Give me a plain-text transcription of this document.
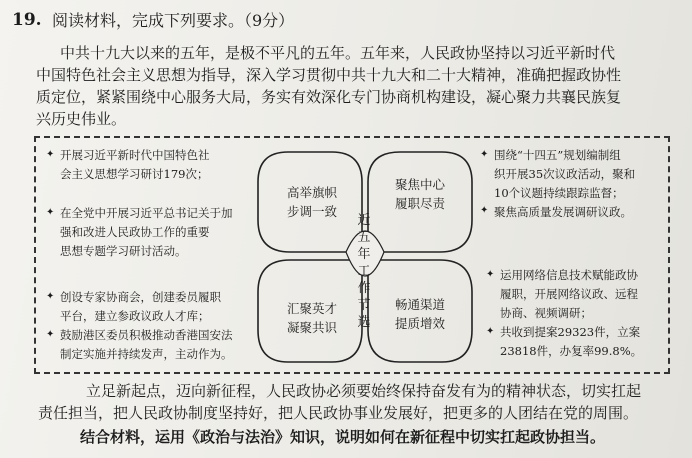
19. 阅读材料，完成下列要求。（9分）
中共十九大以来的五年，是极不平凡的五年。五年来，人民政协坚持以习近平新时代
中国特色社会主义思想为指导，深入学习贯彻中共十九大和二十大精神，准确把握政协性
质定位，紧紧围绕中心服务大局，务实有效深化专门协商机构建设，凝心聚力共襄民族复
兴历史伟业。
✦
✦
开展习近平新时代中国特色社
会主义思想学习研讨179次；
在全党中开展习近平总书记关于加
强和改进人民政协工作的重要
思想专题学习研讨活动。
✦
✦
围绕“十四五”规划编制组
织开展35次议政活动，聚和
10个议题持续跟踪监督；
聚焦高质量发展调研议政。
✦
✦
创设专家协商会，创建委员履职
平台，建立参政议政人才库；
鼓励港区委员积极推动香港国安法
制定实施并持续发声，主动作为。
✦
✦
运用网络信息技术赋能政协
履职，开展网络议政、远程
协商、视频调研；
共收到提案29323件，立案
23818件，办复率99.8%。
高举旗帜
步调一致
聚焦中心
履职尽责
汇聚英才
凝聚共识
畅通渠道
提质增效
近
五
年
工
作
节
选
立足新起点，迈向新征程，人民政协必须要始终保持奋发有为的精神状态，切实扛起
责任担当，把人民政协制度坚持好，把人民政协事业发展好，把更多的人团结在党的周围。
结合材料，运用《政治与法治》知识，说明如何在新征程中切实扛起政协担当。
